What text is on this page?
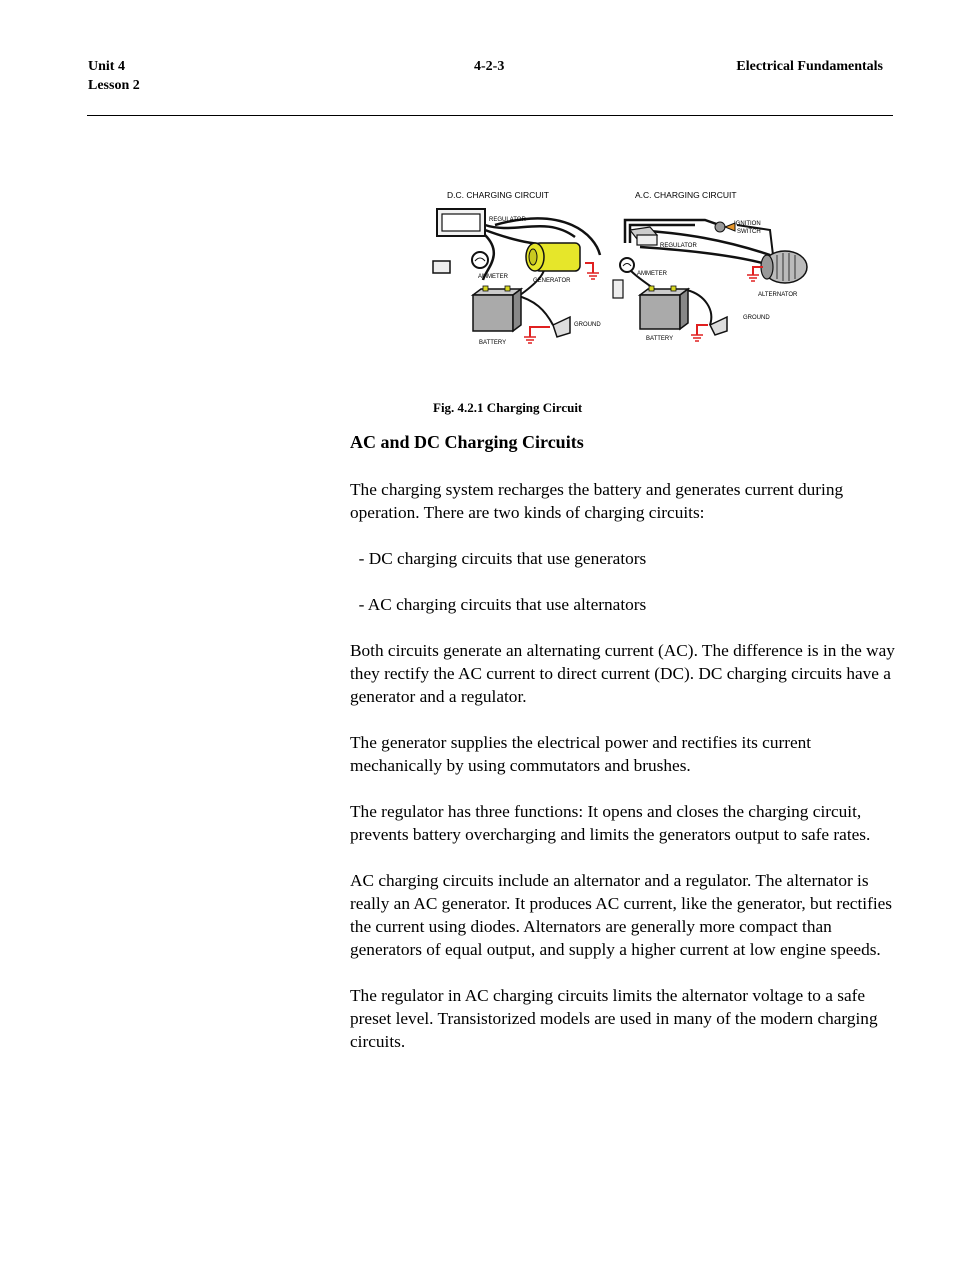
Unit 4
Lesson 2
4-2-3	Electrical Fundamentals
D.C. CHARGING CIRCUIT
REGULATOR
AMMETER
GENERATOR
BATTERY
GROUND
A.C. CHARGING CIRCUIT
REGULATOR
IGNITION
SWITCH
AMMETER
ALTERNATOR
BATTERY
GROUND
Fig. 4.2.1 Charging Circuit
AC and DC Charging Circuits

The charging system recharges the battery and generates current during operation. There are two kinds of charging circuits:

- DC charging circuits that use generators

- AC charging circuits that use alternators

Both circuits generate an alternating current (AC). The difference is in the way they rectify the AC current to direct current (DC). DC charging circuits have a generator and a regulator.

The generator supplies the electrical power and rectifies its current mechanically by using commutators and brushes.

The regulator has three functions: It opens and closes the charging circuit, prevents battery overcharging and limits the generators output to safe rates.

AC charging circuits include an alternator and a regulator. The alternator is really an AC generator. It produces AC current, like the generator, but rectifies the current using diodes. Alternators are generally more compact than generators of equal output, and supply a higher current at low engine speeds.

The regulator in AC charging circuits limits the alternator voltage to a safe preset level. Transistorized models are used in many of the modern charging circuits.
